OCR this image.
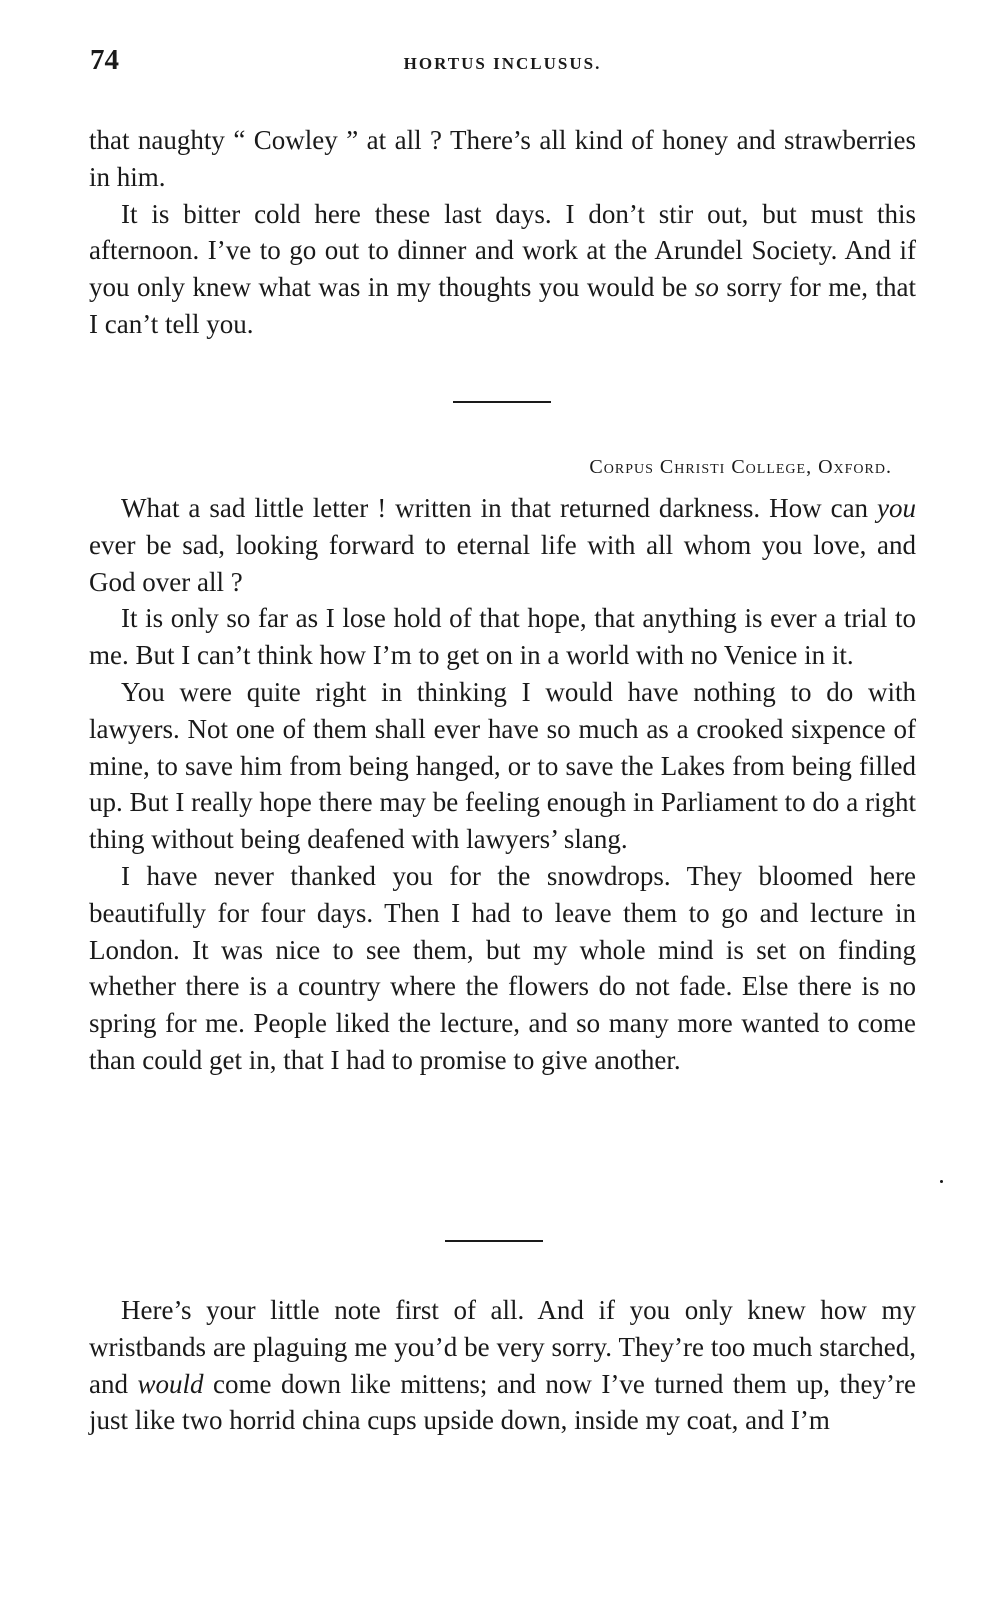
74	HORTUS INCLUSUS.

that naughty “ Cowley ” at all ? There’s all kind of honey and strawberries in him.

It is bitter cold here these last days. I don’t stir out, but must this afternoon. I’ve to go out to dinner and work at the Arundel Society. And if you only knew what was in my thoughts you would be so sorry for me, that I can’t tell you.

Corpus Christi College, Oxford.

What a sad little letter ! written in that returned darkness. How can you ever be sad, looking forward to eternal life with all whom you love, and God over all ?

It is only so far as I lose hold of that hope, that anything is ever a trial to me. But I can’t think how I’m to get on in a world with no Venice in it.

You were quite right in thinking I would have nothing to do with lawyers. Not one of them shall ever have so much as a crooked sixpence of mine, to save him from being hanged, or to save the Lakes from being filled up. But I really hope there may be feeling enough in Parliament to do a right thing without being deafened with lawyers’ slang.

I have never thanked you for the snowdrops. They bloomed here beautifully for four days. Then I had to leave them to go and lecture in London. It was nice to see them, but my whole mind is set on finding whether there is a country where the flowers do not fade. Else there is no spring for me. People liked the lecture, and so many more wanted to come than could get in, that I had to promise to give another.

Here’s your little note first of all. And if you only knew how my wristbands are plaguing me you’d be very sorry. They’re too much starched, and would come down like mittens; and now I’ve turned them up, they’re just like two horrid china cups upside down, inside my coat, and I’m
